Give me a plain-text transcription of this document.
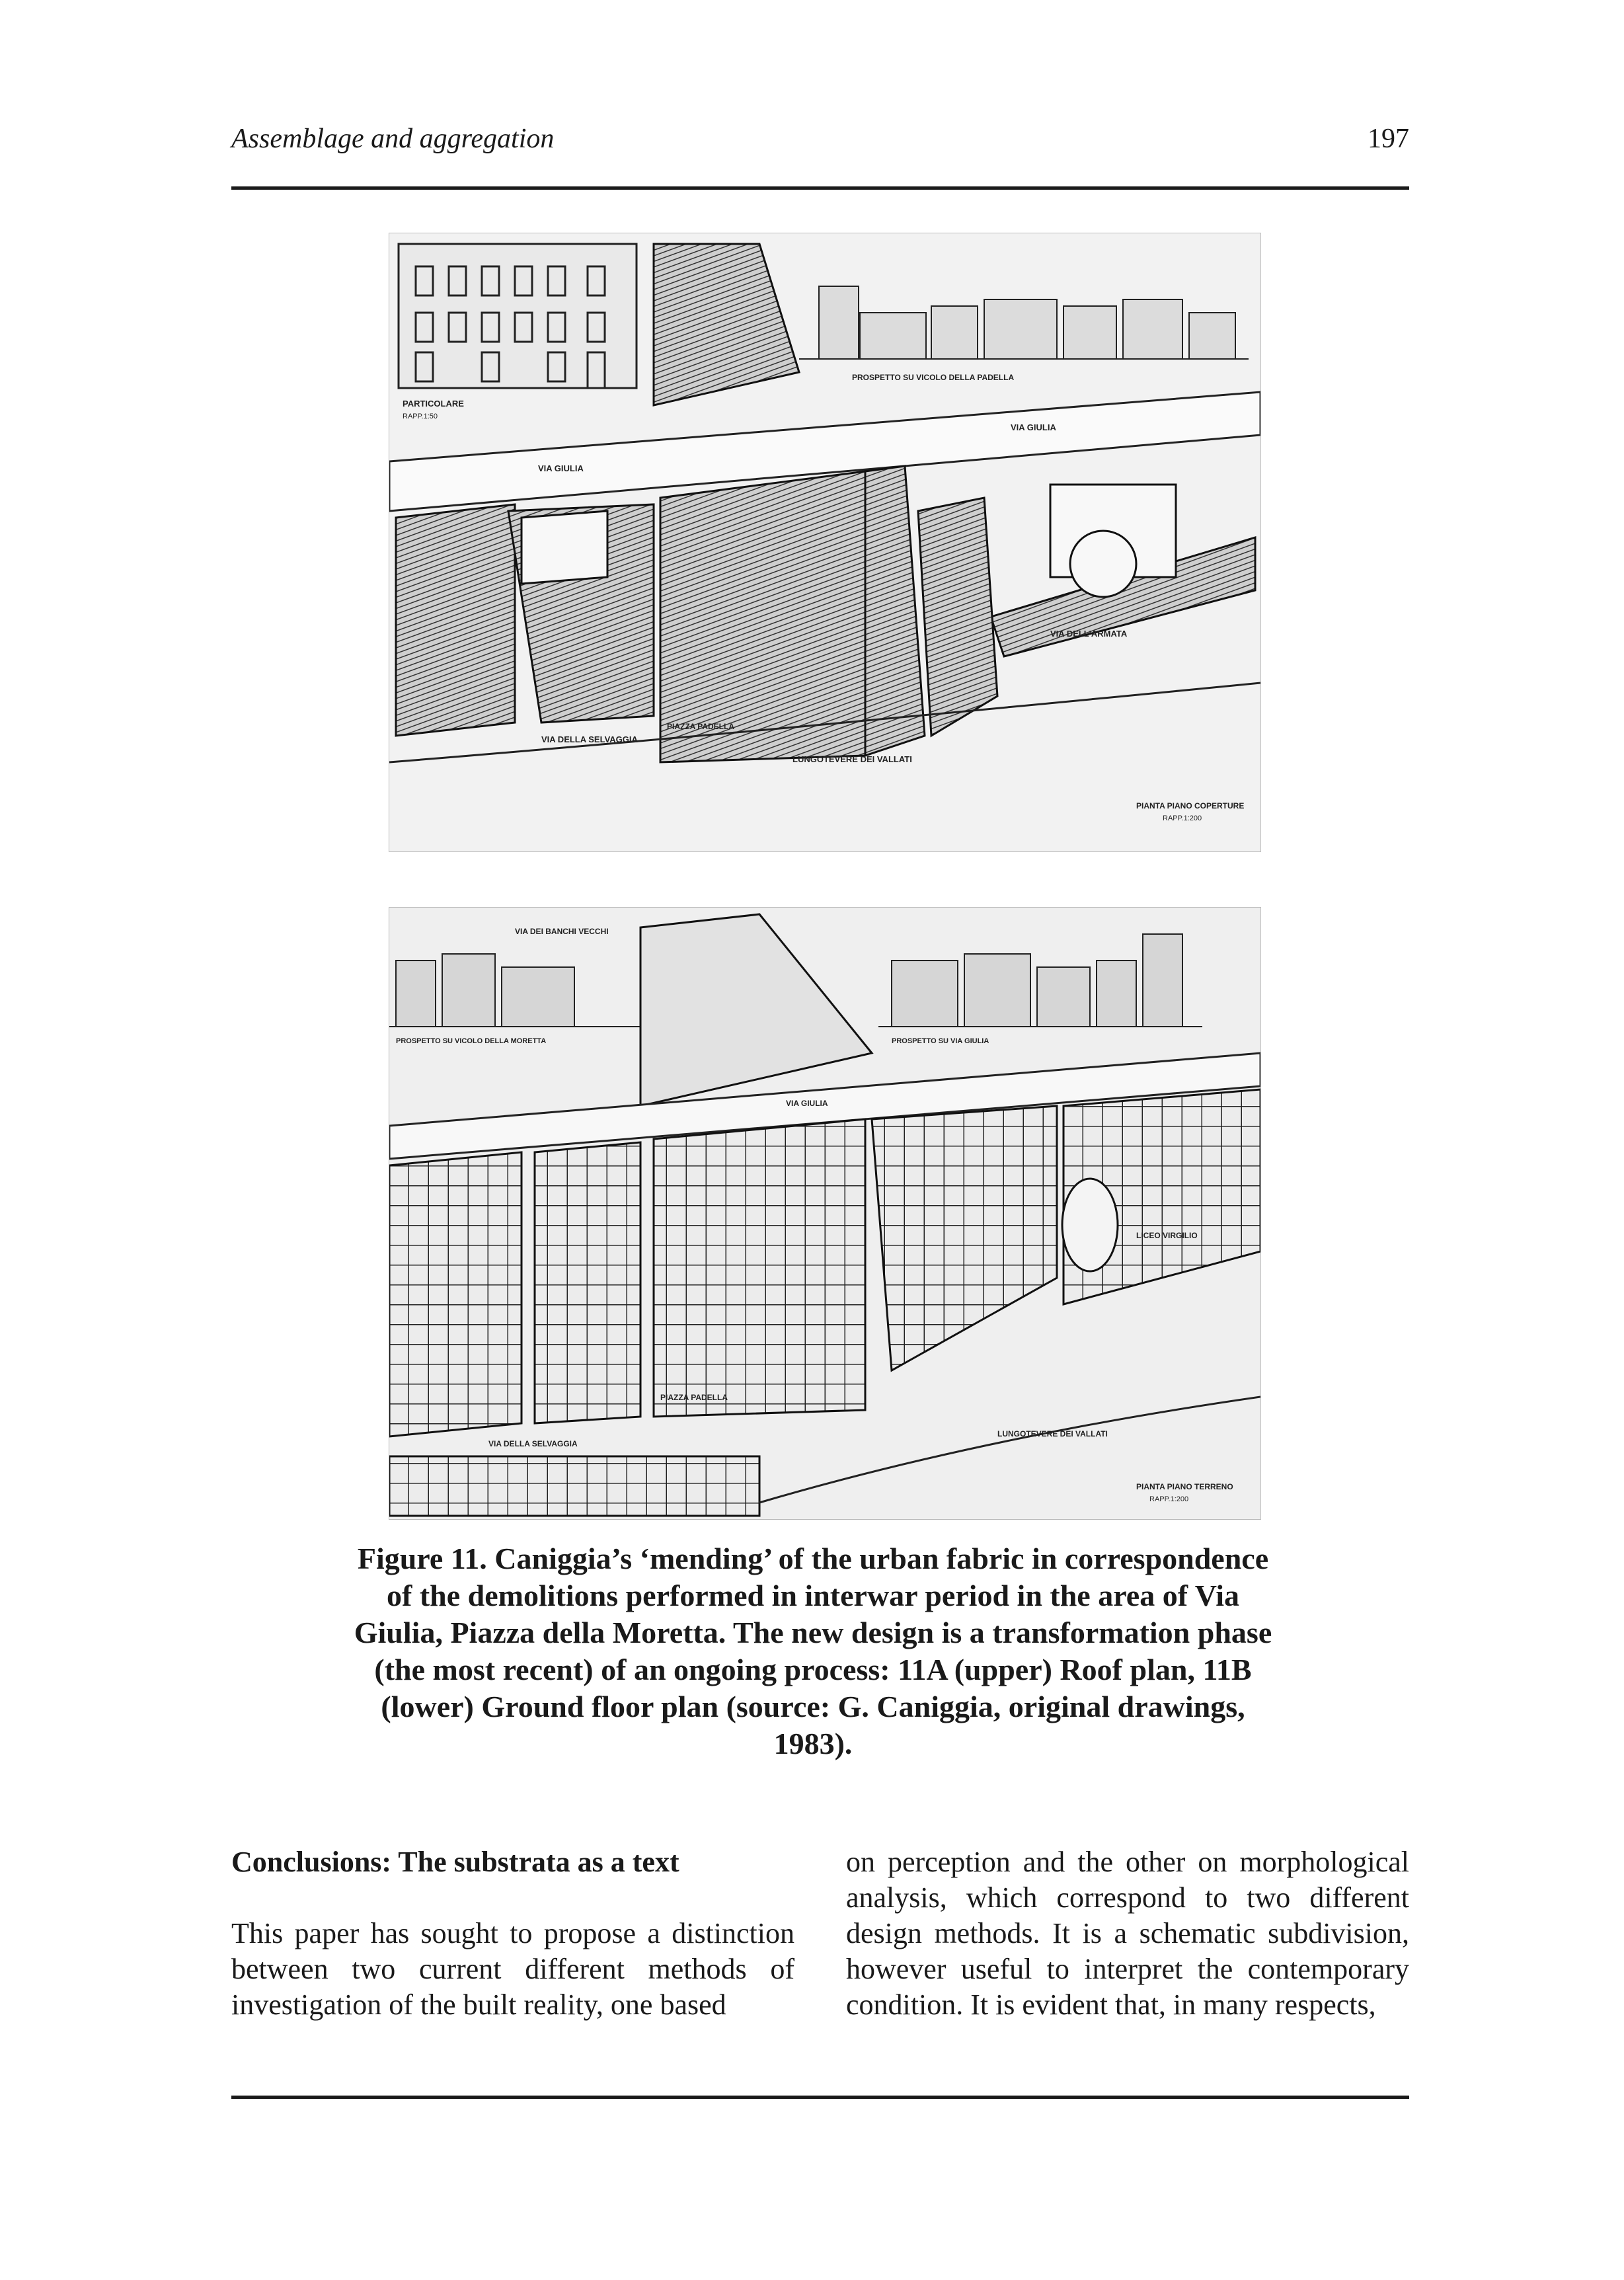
Assemblage and aggregation	197
PARTICOLARE
RAPP.1:50
PROSPETTO SU VICOLO DELLA PADELLA
VIA GIULIA
VIA GIULIA
VIA DELLA SELVAGGIA
PIAZZA PADELLA
VIA DELL'ARMATA
LUNGOTEVERE DEI VALLATI
PIANTA PIANO COPERTURE
RAPP.1:200
VIA DEI BANCHI VECCHI
PROSPETTO SU VICOLO DELLA MORETTA	PROSPETTO SU VIA GIULIA
VIA GIULIA
LICEO VIRGILIO
PIAZZA PADELLA
VIA DELLA SELVAGGIA
LUNGOTEVERE DEI VALLATI
PIANTA PIANO TERRENO
RAPP.1:200

Figure 11. Caniggia’s ‘mending’ of the urban fabric in correspondence of the demolitions performed in interwar period in the area of Via Giulia, Piazza della Moretta. The new design is a transformation phase (the most recent) of an ongoing process: 11A (upper) Roof plan, 11B (lower) Ground floor plan (source: G. Caniggia, original drawings, 1983).

Conclusions: The substrata as a text

This paper has sought to propose a distinction between two current different methods of investigation of the built reality, one based

on perception and the other on morphological analysis, which correspond to two different design methods. It is a schematic subdivision, however useful to interpret the contemporary condition. It is evident that, in many respects,
